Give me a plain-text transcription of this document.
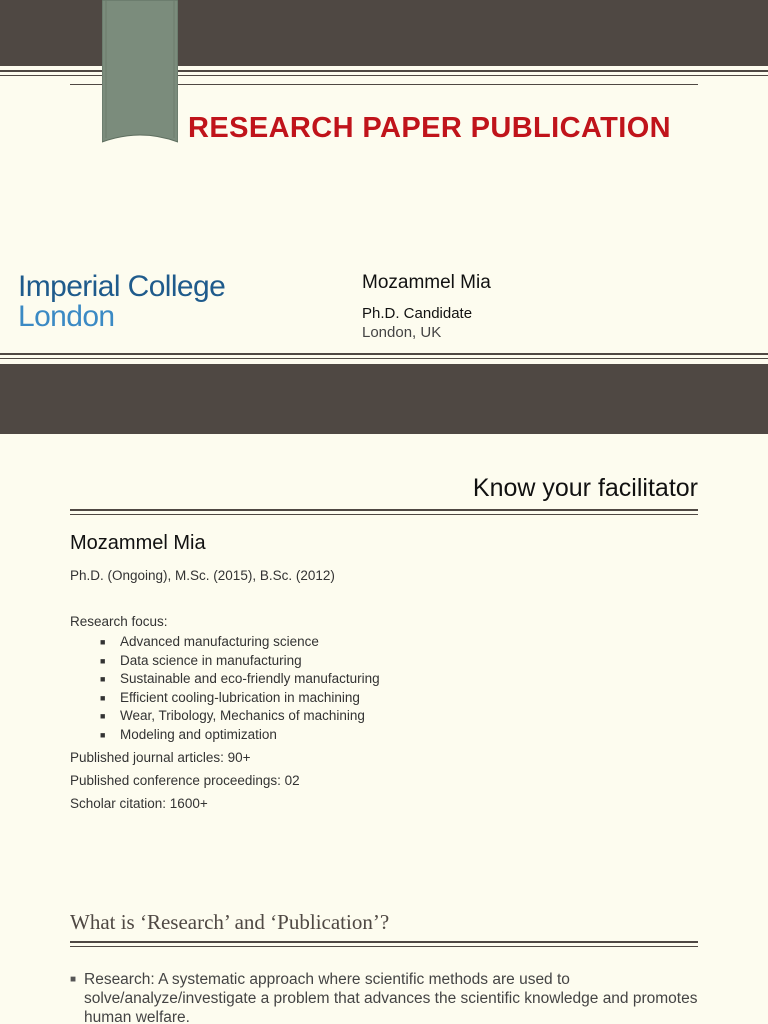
RESEARCH PAPER PUBLICATION
Imperial College
London
Mozammel Mia
Ph.D. Candidate
London, UK
Know your facilitator
Mozammel Mia
Ph.D. (Ongoing), M.Sc. (2015), B.Sc. (2012)
Research focus:
■ Advanced manufacturing science
■ Data science in manufacturing
■ Sustainable and eco-friendly manufacturing
■ Efficient cooling-lubrication in machining
■ Wear, Tribology, Mechanics of machining
■ Modeling and optimization
Published journal articles: 90+
Published conference proceedings: 02
Scholar citation: 1600+
What is ‘Research’ and ‘Publication’?
■ Research: A systematic approach where scientific methods are used to solve/analyze/investigate a problem that advances the scientific knowledge and promotes human welfare.
